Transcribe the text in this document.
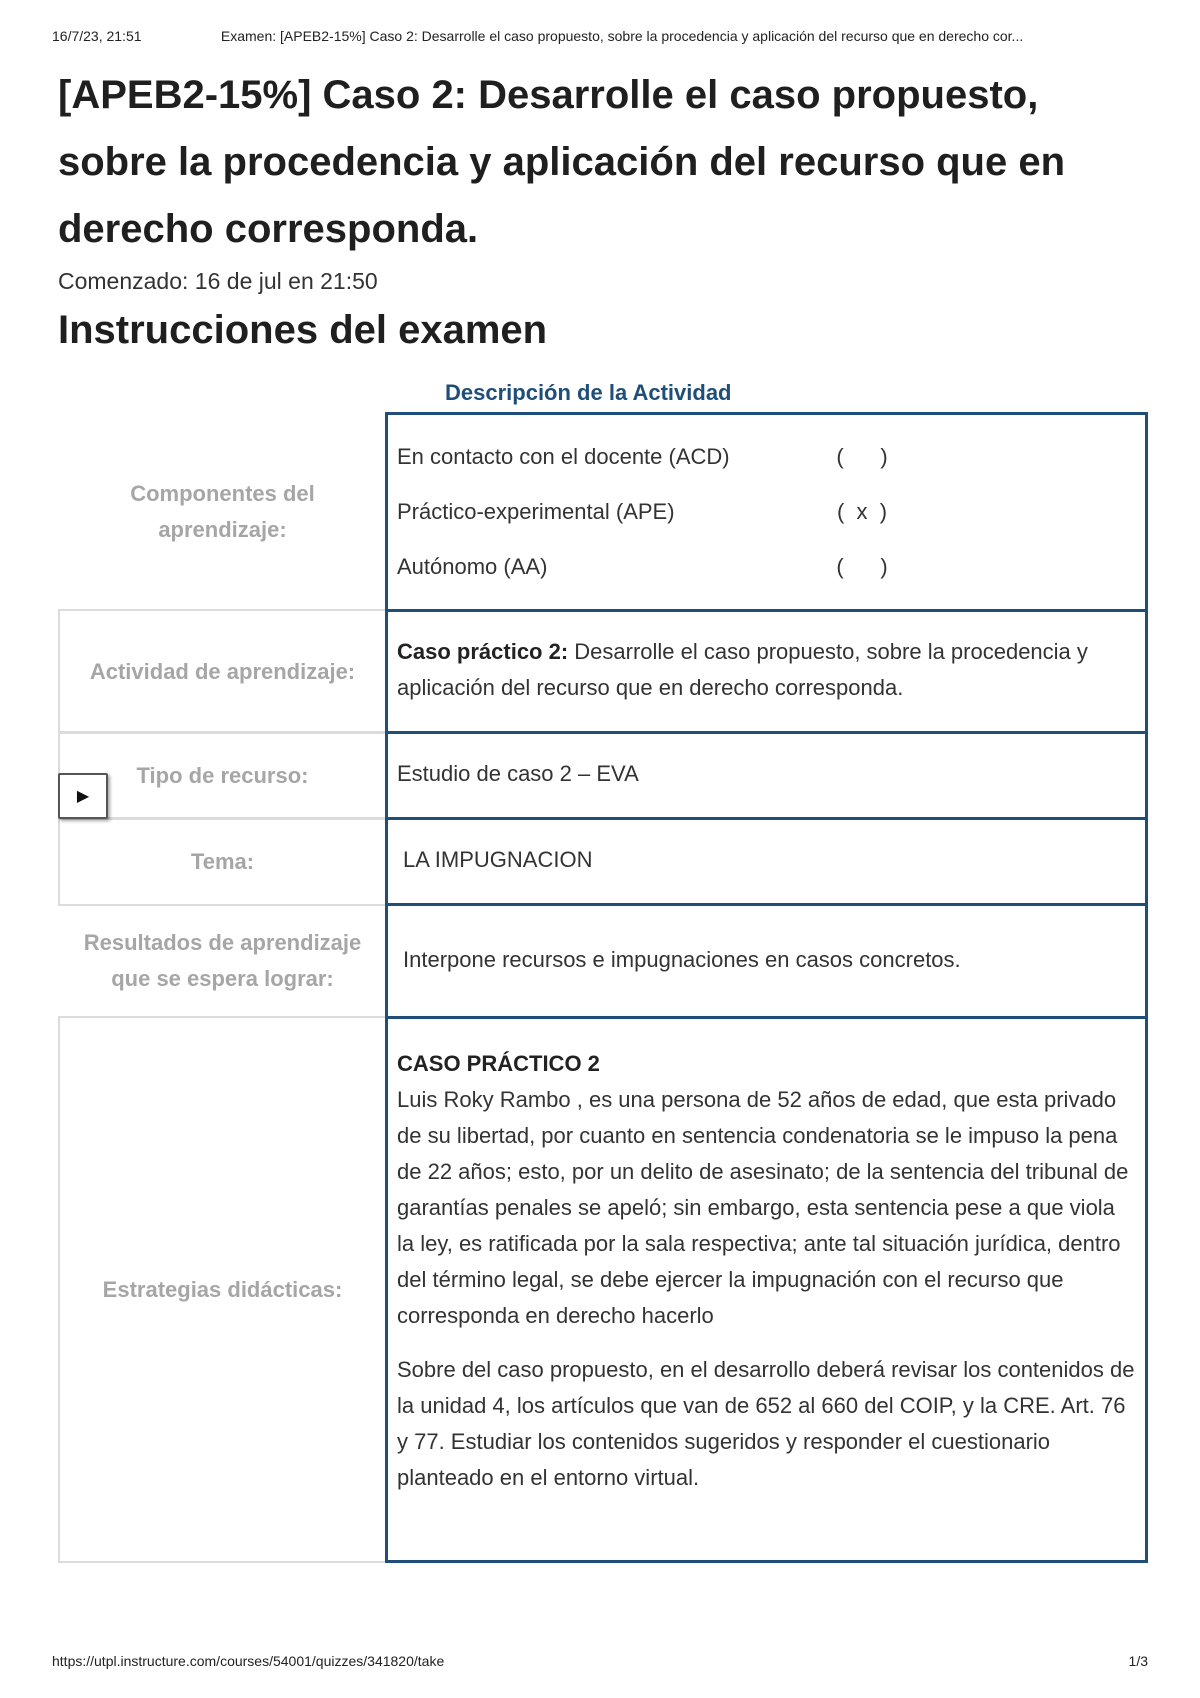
16/7/23, 21:51	Examen: [APEB2-15%] Caso 2: Desarrolle el caso propuesto, sobre la procedencia y aplicación del recurso que en derecho cor...
[APEB2-15%] Caso 2: Desarrolle el caso propuesto, sobre la procedencia y aplicación del recurso que en derecho corresponda.
Comenzado: 16 de jul en 21:50
Instrucciones del examen
Descripción de la Actividad
Componentes del aprendizaje:
En contacto con el docente (ACD)	(      )
Práctico-experimental (APE)	(  x  )
Autónomo (AA)	(      )
Actividad de aprendizaje:

Caso práctico 2: Desarrolle el caso propuesto, sobre la procedencia y aplicación del recurso que en derecho corresponda.

Tipo de recurso:	Estudio de caso 2 – EVA
Tema:	LA IMPUGNACION
Resultados de aprendizaje que se espera lograr:
Interpone recursos e impugnaciones en casos concretos.
Estrategias didácticas:
CASO PRÁCTICO 2

Luis Roky Rambo , es una persona de 52 años de edad, que esta privado de su libertad, por cuanto en sentencia condenatoria se le impuso la pena de 22 años; esto, por un delito de asesinato; de la sentencia del tribunal de garantías penales se apeló; sin embargo, esta sentencia pese a que viola la ley, es ratificada por la sala respectiva; ante tal situación jurídica, dentro del término legal, se debe ejercer la impugnación con el recurso que corresponda en derecho hacerlo

Sobre del caso propuesto, en el desarrollo deberá revisar los contenidos de la unidad 4, los artículos que van de 652 al 660 del COIP, y la CRE. Art. 76 y 77. Estudiar los contenidos sugeridos y responder el cuestionario planteado en el entorno virtual.

▶
https://utpl.instructure.com/courses/54001/quizzes/341820/take	1/3
